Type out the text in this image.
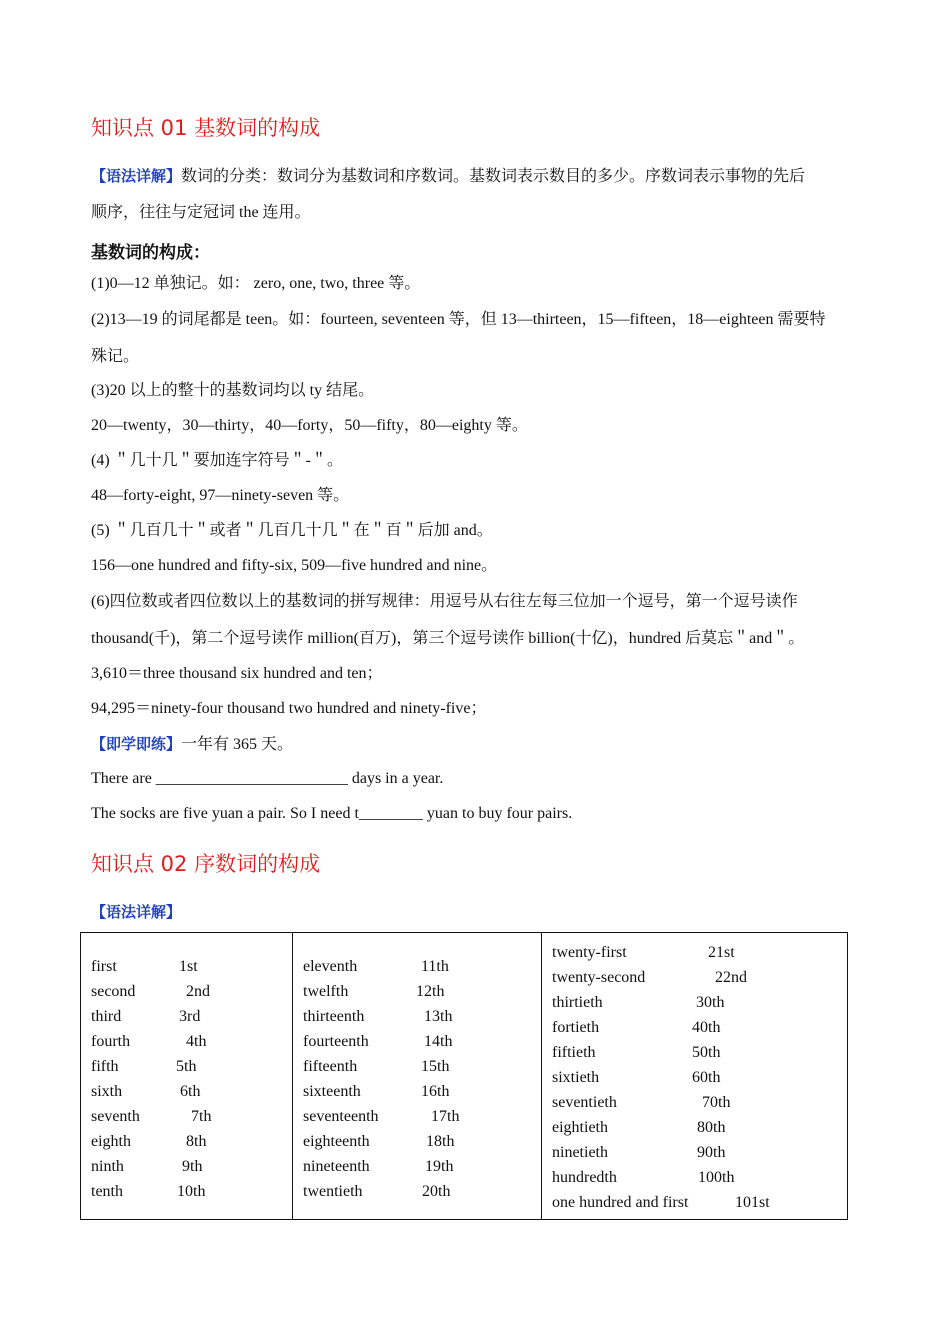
知识点 01 基数词的构成
【语法详解】数词的分类：数词分为基数词和序数词。基数词表示数目的多少。序数词表示事物的先后
顺序，往往与定冠词 the 连用。
基数词的构成：
(1)0—12 单独记。如： zero, one, two, three 等。
(2)13—19 的词尾都是 teen。如：fourteen, seventeen 等，但 13—thirteen，15—fifteen，18—eighteen 需要特
殊记。
(3)20 以上的整十的基数词均以 ty 结尾。
20—twenty，30—thirty，40—forty，50—fifty，80—eighty 等。
(4) ＂几十几＂要加连字符号＂-＂。
48—forty-eight, 97—ninety-seven 等。
(5) ＂几百几十＂或者＂几百几十几＂在＂百＂后加 and。
156—one hundred and fifty-six, 509—five hundred and nine。
(6)四位数或者四位数以上的基数词的拼写规律：用逗号从右往左每三位加一个逗号，第一个逗号读作
thousand(千)，第二个逗号读作 million(百万)，第三个逗号读作 billion(十亿)，hundred 后莫忘＂and＂。
3,610＝three thousand six hundred and ten；
94,295＝ninety-four thousand two hundred and ninety-five；
【即学即练】一年有 365 天。
There are ________________________ days in a year.
The socks are five yuan a pair. So I need t________ yuan to buy four pairs.
知识点 02 序数词的构成
【语法详解】
first	1st
second	2nd
third	3rd
fourth	4th
fifth	5th
sixth	6th
seventh	7th
eighth	8th
ninth	9th
tenth	10th

eleventh	11th
twelfth	12th
thirteenth	13th
fourteenth	14th
fifteenth	15th
sixteenth	16th
seventeenth	17th
eighteenth	18th
nineteenth	19th
twentieth	20th

twenty-first	21st
twenty-second	22nd
thirtieth	30th
fortieth	40th
fiftieth	50th
sixtieth	60th
seventieth	70th
eightieth	80th
ninetieth	90th
hundredth	100th
one hundred and first	101st
